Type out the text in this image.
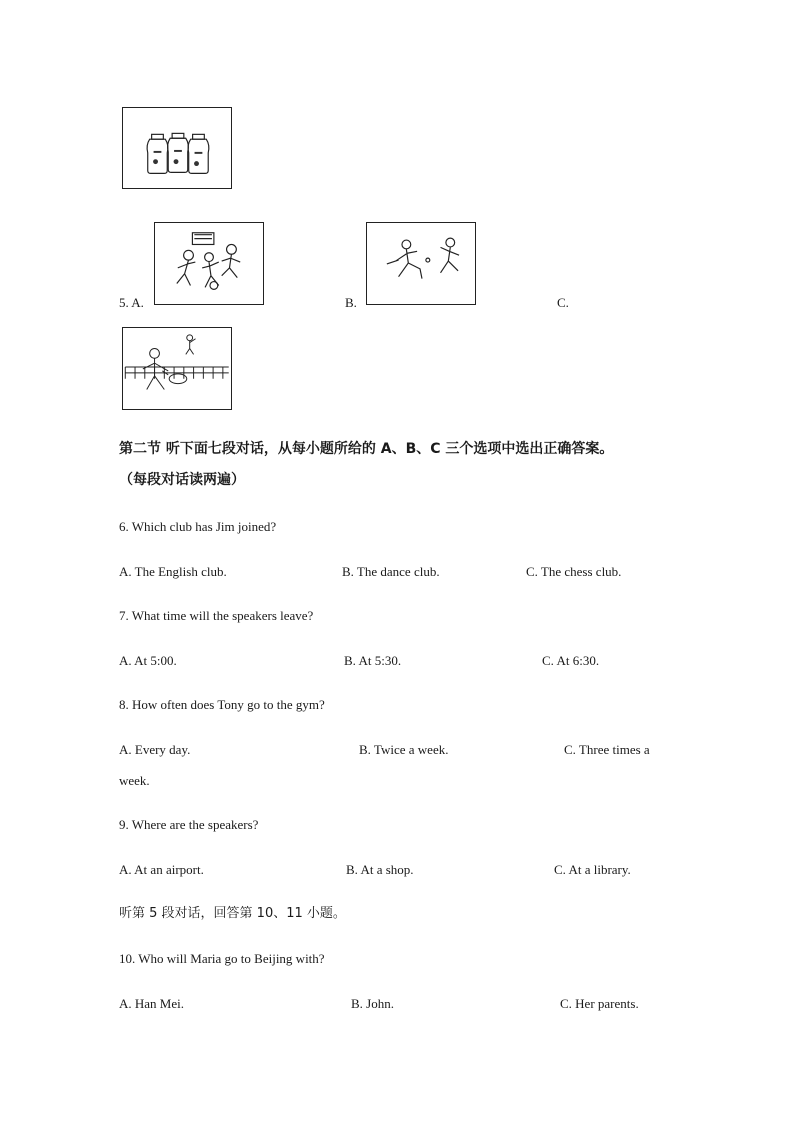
5. A.	B.	C.
第二节 听下面七段对话，从每小题所给的 A、B、C 三个选项中选出正确答案。
（每段对话读两遍）
6. Which club has Jim joined?
A. The English club.	B. The dance club.	C. The chess club.
7. What time will the speakers leave?
A. At 5:00.	B. At 5:30.	C. At 6:30.
8. How often does Tony go to the gym?
A. Every day.	B. Twice a week.	C. Three times a
week.
9. Where are the speakers?
A. At an airport.	B. At a shop.	C. At a library.
听第 5 段对话，回答第 10、11 小题。
10. Who will Maria go to Beijing with?
A. Han Mei.	B. John.	C. Her parents.
